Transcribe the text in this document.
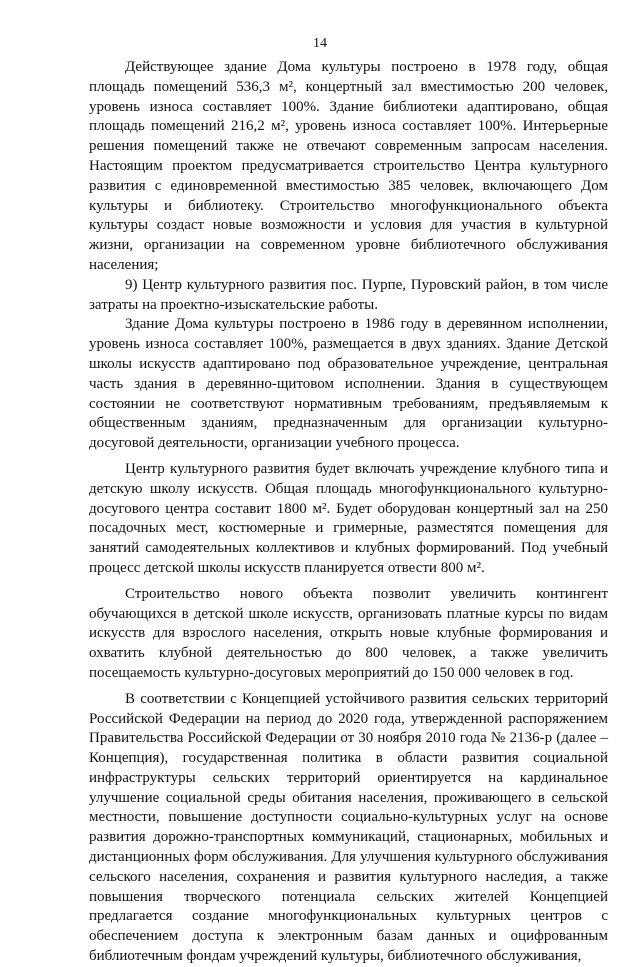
14

Действующее здание Дома культуры построено в 1978 году, общая площадь помещений 536,3 м², концертный зал вместимостью 200 человек, уровень износа составляет 100%. Здание библиотеки адаптировано, общая площадь помещений 216,2 м², уровень износа составляет 100%. Интерьерные решения помещений также не отвечают современным запросам населения. Настоящим проектом предусматривается строительство Центра культурного развития с единовременной вместимостью 385 человек, включающего Дом культуры и библиотеку. Строительство многофункционального объекта культуры создаст новые возможности и условия для участия в культурной жизни, организации на современном уровне библиотечного обслуживания населения;

9) Центр культурного развития пос. Пурпе, Пуровский район, в том числе затраты на проектно-изыскательские работы.

Здание Дома культуры построено в 1986 году в деревянном исполнении, уровень износа составляет 100%, размещается в двух зданиях. Здание Детской школы искусств адаптировано под образовательное учреждение, центральная часть здания в деревянно-щитовом исполнении. Здания в существующем состоянии не соответствуют нормативным требованиям, предъявляемым к общественным зданиям, предназначенным для организации культурно-досуговой деятельности, организации учебного процесса.

Центр культурного развития будет включать учреждение клубного типа и детскую школу искусств. Общая площадь многофункционального культурно-досугового центра составит 1800 м². Будет оборудован концертный зал на 250 посадочных мест, костюмерные и гримерные, разместятся помещения для занятий самодеятельных коллективов и клубных формирований. Под учебный процесс детской школы искусств планируется отвести 800 м².

Строительство нового объекта позволит увеличить контингент обучающихся в детской школе искусств, организовать платные курсы по видам искусств для взрослого населения, открыть новые клубные формирования и охватить клубной деятельностью до 800 человек, а также увеличить посещаемость культурно-досуговых мероприятий до 150 000 человек в год.

В соответствии с Концепцией устойчивого развития сельских территорий Российской Федерации на период до 2020 года, утвержденной распоряжением Правительства Российской Федерации от 30 ноября 2010 года № 2136-р (далее – Концепция), государственная политика в области развития социальной инфраструктуры сельских территорий ориентируется на кардинальное улучшение социальной среды обитания населения, проживающего в сельской местности, повышение доступности социально-культурных услуг на основе развития дорожно-транспортных коммуникаций, стационарных, мобильных и дистанционных форм обслуживания. Для улучшения культурного обслуживания сельского населения, сохранения и развития культурного наследия, а также повышения творческого потенциала сельских жителей Концепцией предлагается создание многофункциональных культурных центров с обеспечением доступа к электронным базам данных и оцифрованным библиотечным фондам учреждений культуры, библиотечного обслуживания,
